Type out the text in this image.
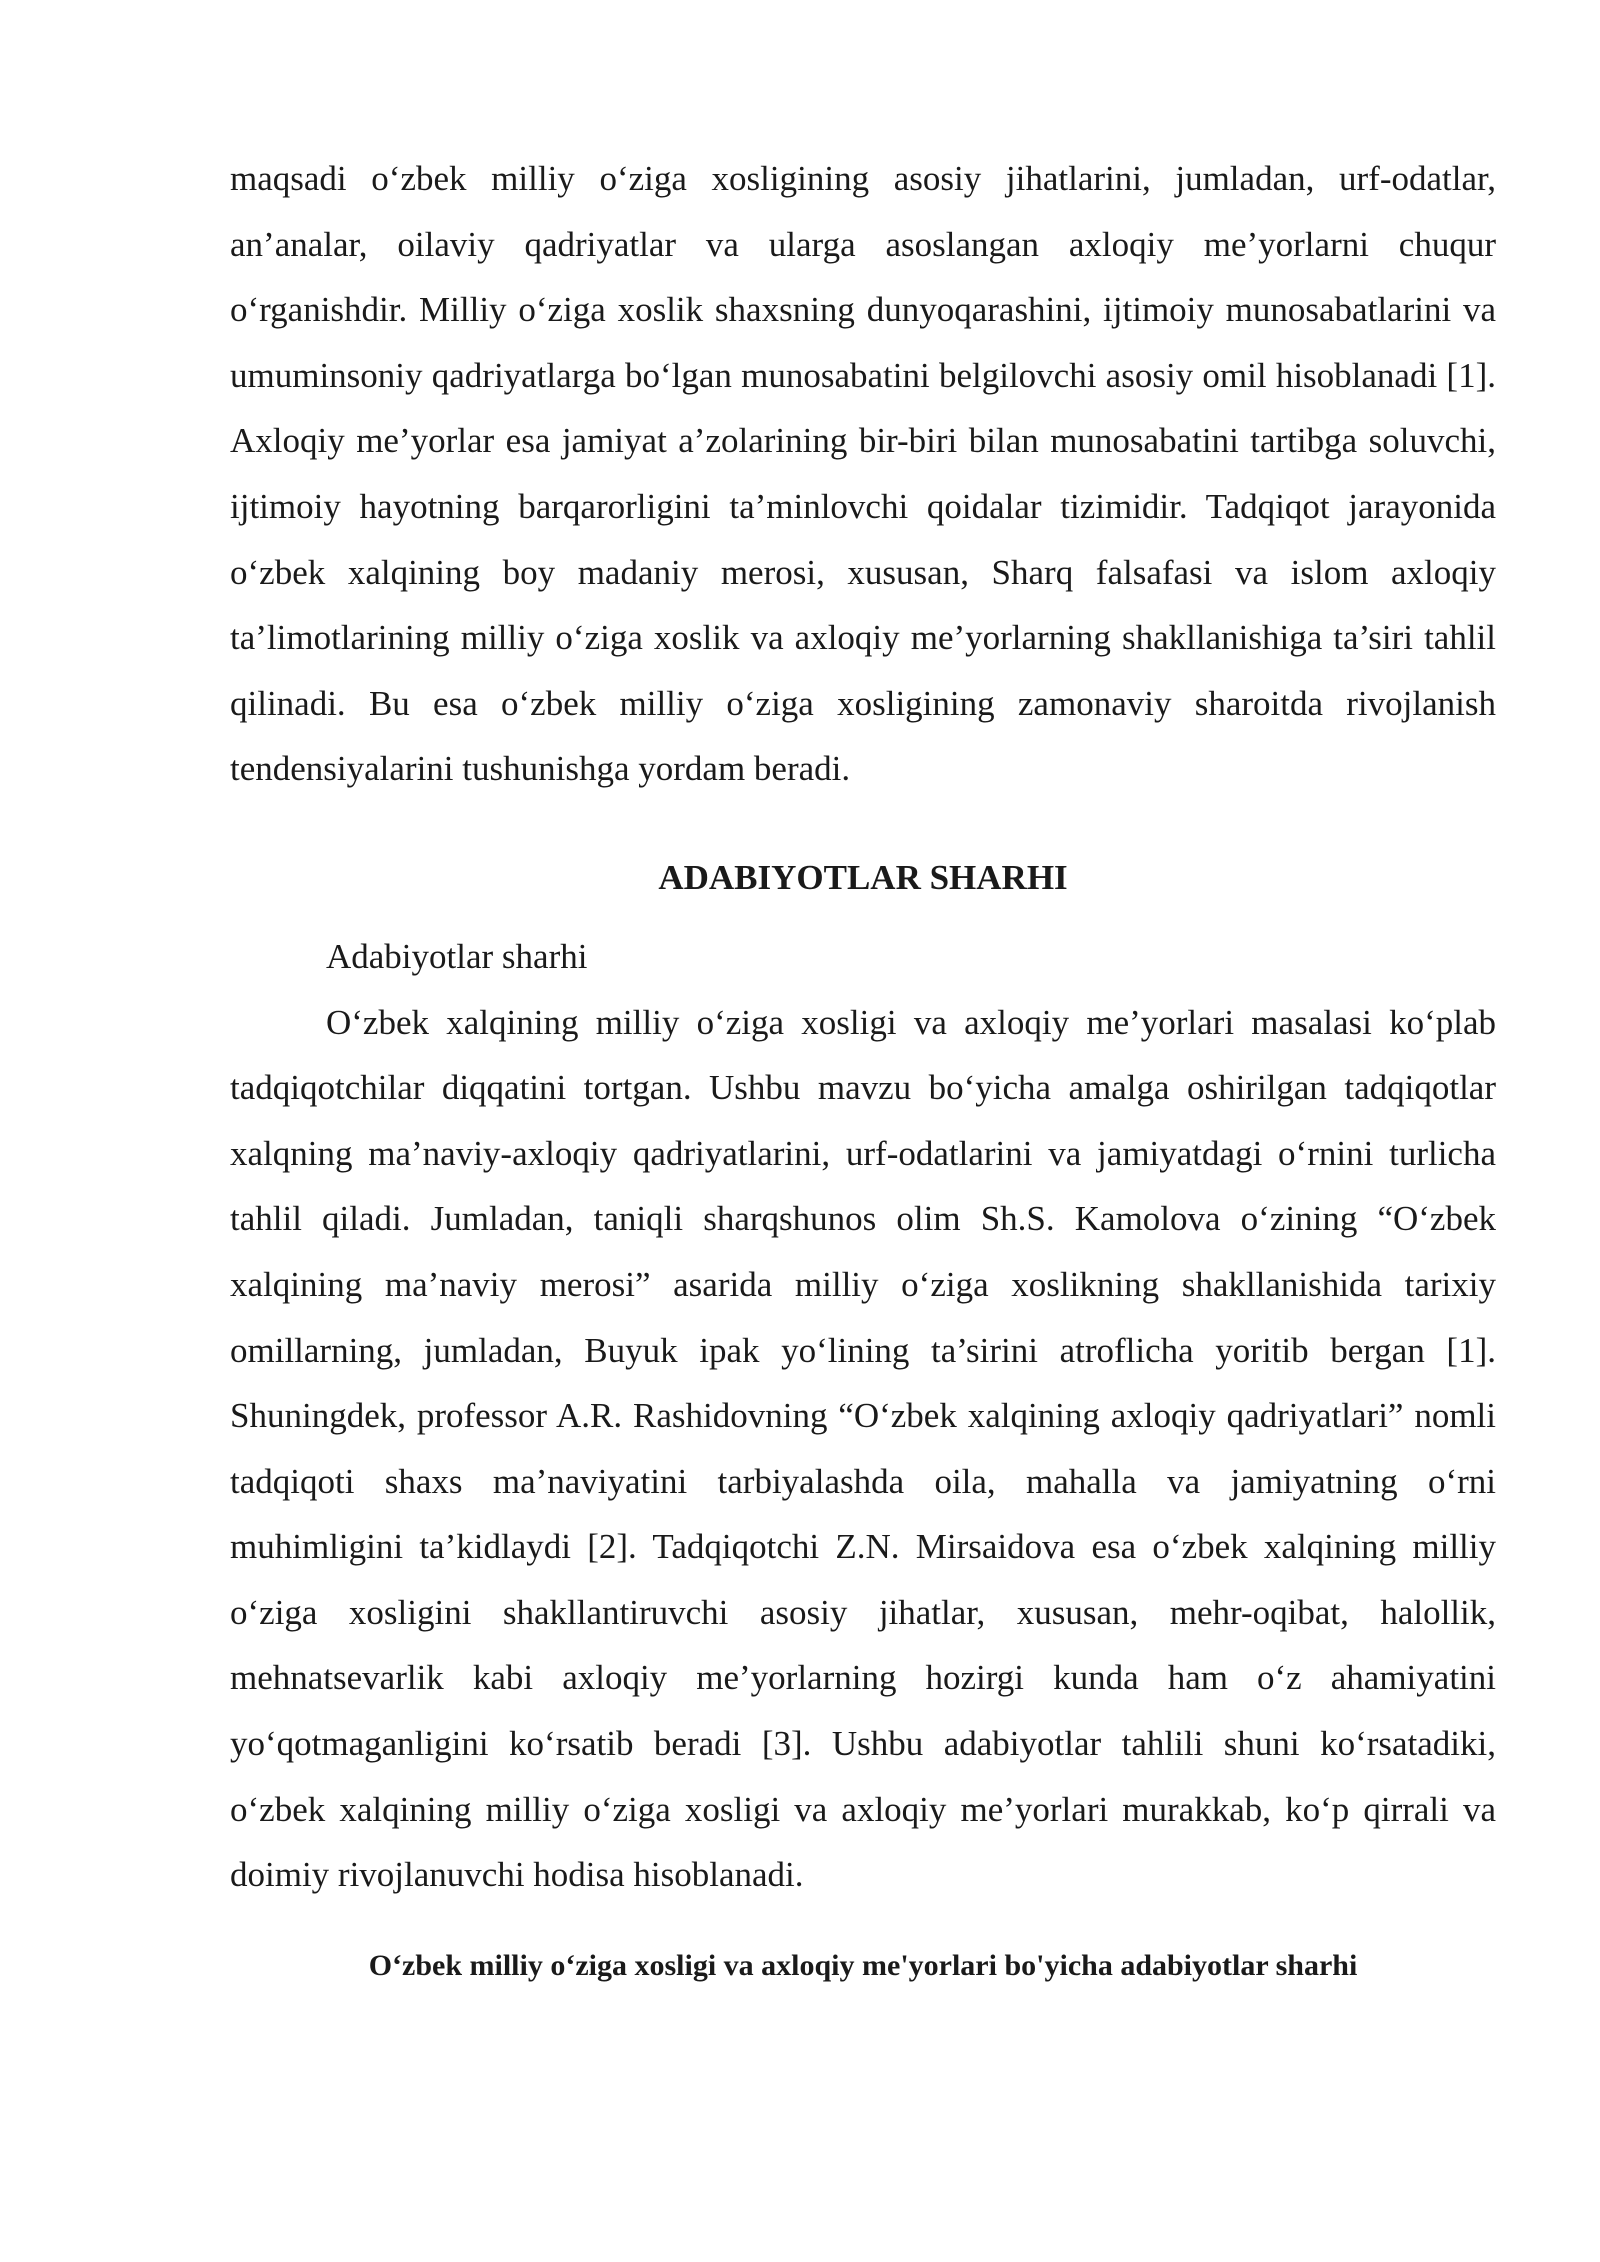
maqsadi o‘zbek milliy o‘ziga xosligining asosiy jihatlarini, jumladan, urf-odatlar, an’analar, oilaviy qadriyatlar va ularga asoslangan axloqiy me’yorlarni chuqur o‘rganishdir. Milliy o‘ziga xoslik shaxsning dunyoqarashini, ijtimoiy munosabatlarini va umuminsoniy qadriyatlarga bo‘lgan munosabatini belgilovchi asosiy omil hisoblanadi [1]. Axloqiy me’yorlar esa jamiyat a’zolarining bir-biri bilan munosabatini tartibga soluvchi, ijtimoiy hayotning barqarorligini ta’minlovchi qoidalar tizimidir. Tadqiqot jarayonida o‘zbek xalqining boy madaniy merosi, xususan, Sharq falsafasi va islom axloqiy ta’limotlarining milliy o‘ziga xoslik va axloqiy me’yorlarning shakllanishiga ta’siri tahlil qilinadi. Bu esa o‘zbek milliy o‘ziga xosligining zamonaviy sharoitda rivojlanish tendensiyalarini tushunishga yordam beradi.

ADABIYOTLAR SHARHI

Adabiyotlar sharhi

O‘zbek xalqining milliy o‘ziga xosligi va axloqiy me’yorlari masalasi ko‘plab tadqiqotchilar diqqatini tortgan. Ushbu mavzu bo‘yicha amalga oshirilgan tadqiqotlar xalqning ma’naviy-axloqiy qadriyatlarini, urf-odatlarini va jamiyatdagi o‘rnini turlicha tahlil qiladi. Jumladan, taniqli sharqshunos olim Sh.S. Kamolova o‘zining “O‘zbek xalqining ma’naviy merosi” asarida milliy o‘ziga xoslikning shakllanishida tarixiy omillarning, jumladan, Buyuk ipak yo‘lining ta’sirini atroflicha yoritib bergan [1]. Shuningdek, professor A.R. Rashidovning “O‘zbek xalqining axloqiy qadriyatlari” nomli tadqiqoti shaxs ma’naviyatini tarbiyalashda oila, mahalla va jamiyatning o‘rni muhimligini ta’kidlaydi [2]. Tadqiqotchi Z.N. Mirsaidova esa o‘zbek xalqining milliy o‘ziga xosligini shakllantiruvchi asosiy jihatlar, xususan, mehr-oqibat, halollik, mehnatsevarlik kabi axloqiy me’yorlarning hozirgi kunda ham o‘z ahamiyatini yo‘qotmaganligini ko‘rsatib beradi [3]. Ushbu adabiyotlar tahlili shuni ko‘rsatadiki, o‘zbek xalqining milliy o‘ziga xosligi va axloqiy me’yorlari murakkab, ko‘p qirrali va doimiy rivojlanuvchi hodisa hisoblanadi.

O‘zbek milliy o‘ziga xosligi va axloqiy me'yorlari bo'yicha adabiyotlar sharhi
